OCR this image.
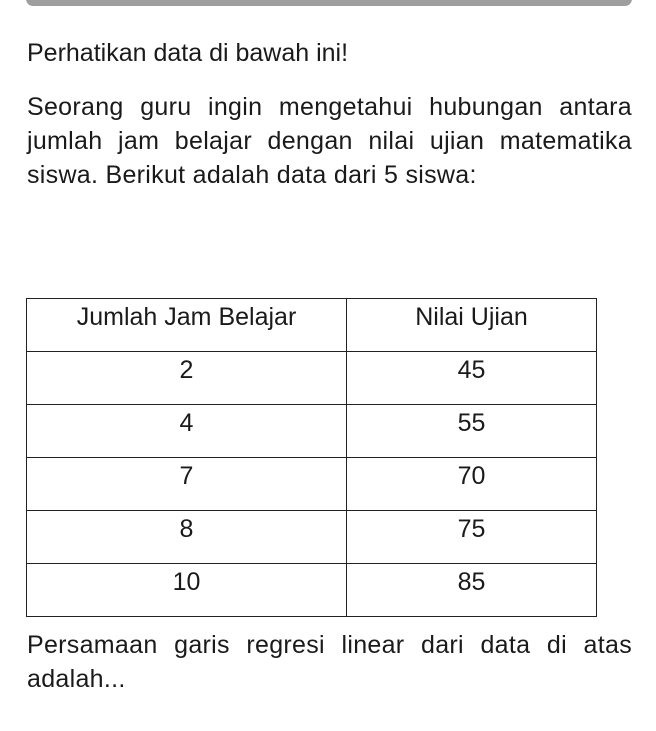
Perhatikan data di bawah ini!

Seorang guru ingin mengetahui hubungan antara jumlah jam belajar dengan nilai ujian matematika siswa. Berikut adalah data dari 5 siswa:

Jumlah Jam Belajar	Nilai Ujian
2	45
4	55
7	70
8	75
10	85

Persamaan garis regresi linear dari data di atas adalah...
